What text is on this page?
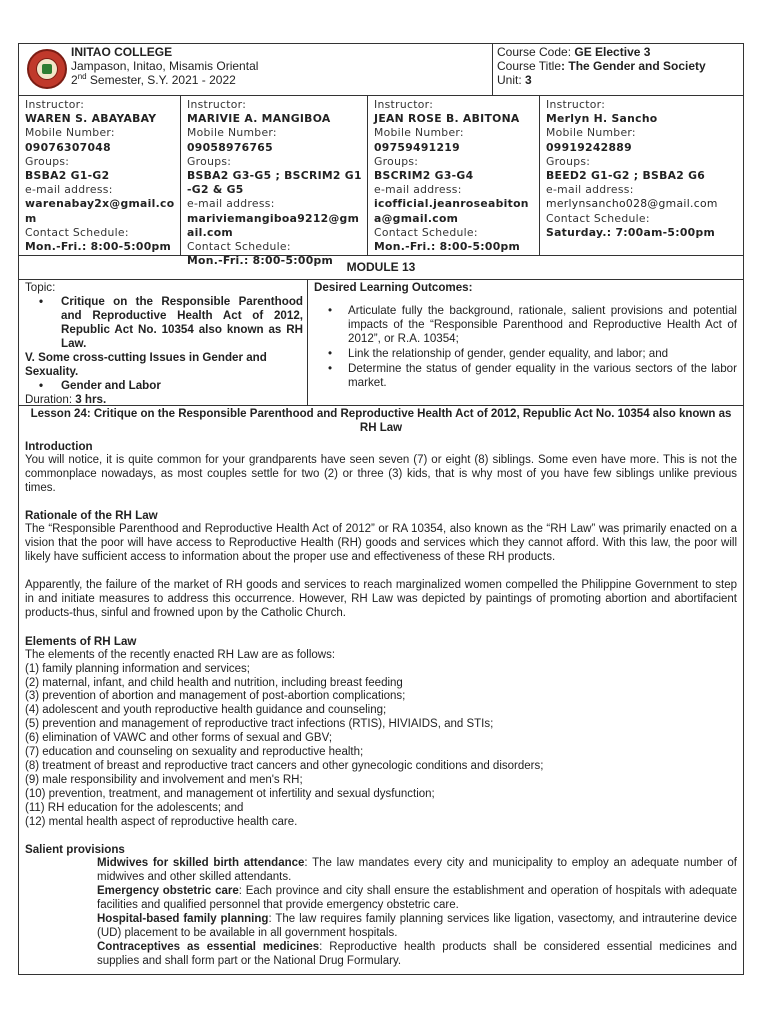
INITAO COLLEGE
Jampason, Initao, Misamis Oriental
2nd Semester, S.Y. 2021 - 2022
Course Code: GE Elective 3
Course Title: The Gender and Society
Unit: 3
Instructor:
WAREN S. ABAYABAY
Mobile Number:
09076307048
Groups:
BSBA2 G1-G2
e-mail address:
warenabay2x@gmail.com
Contact Schedule:
Mon.-Fri.: 8:00-5:00pm
Instructor:
MARIVIE A. MANGIBOA
Mobile Number:
09058976765
Groups:
BSBA2 G3-G5 ; BSCRIM2 G1-G2 & G5
e-mail address:
mariviemangiboa9212@gmail.com
Contact Schedule:
Mon.-Fri.: 8:00-5:00pm
Instructor:
JEAN ROSE B. ABITONA
Mobile Number:
09759491219
Groups:
BSCRIM2 G3-G4
e-mail address:
icofficial.jeanroseabitona@gmail.com
Contact Schedule:
Mon.-Fri.: 8:00-5:00pm
Instructor:
Merlyn H. Sancho
Mobile Number:
09919242889
Groups:
BEED2 G1-G2 ; BSBA2 G6
e-mail address:
merlynsancho028@gmail.com
Contact Schedule:
Saturday.: 7:00am-5:00pm
MODULE 13
Topic:
• Critique on the Responsible Parenthood and Reproductive Health Act of 2012, Republic Act No. 10354 also known as RH Law.
V. Some cross-cutting Issues in Gender and Sexuality.
• Gender and Labor
Duration: 3 hrs.
Desired Learning Outcomes:
• Articulate fully the background, rationale, salient provisions and potential impacts of the “Responsible Parenthood and Reproductive Health Act of 2012”, or R.A. 10354;
• Link the relationship of gender, gender equality, and labor; and
• Determine the status of gender equality in the various sectors of the labor market.
Lesson 24: Critique on the Responsible Parenthood and Reproductive Health Act of 2012, Republic Act No. 10354 also known as RH Law
Introduction

You will notice, it is quite common for your grandparents have seen seven (7) or eight (8) siblings. Some even have more. This is not the commonplace nowadays, as most couples settle for two (2) or three (3) kids, that is why most of you have few siblings unlike previous times.

Rationale of the RH Law

The “Responsible Parenthood and Reproductive Health Act of 2012” or RA 10354, also known as the “RH Law” was primarily enacted on a vision that the poor will have access to Reproductive Health (RH) goods and services which they cannot afford. With this law, the poor will likely have sufficient access to information about the proper use and effectiveness of these RH products.

Apparently, the failure of the market of RH goods and services to reach marginalized women compelled the Philippine Government to step in and initiate measures to address this occurrence. However, RH Law was depicted by paintings of promoting abortion and abortifacient products-thus, sinful and frowned upon by the Catholic Church.

Elements of RH Law
The elements of the recently enacted RH Law are as follows:
(1) family planning information and services;
(2) maternal, infant, and child health and nutrition, including breast feeding
(3) prevention of abortion and management of post-abortion complications;
(4) adolescent and youth reproductive health guidance and counseling;
(5) prevention and management of reproductive tract infections (RTIS), HIVIAIDS, and STIs;
(6) elimination of VAWC and other forms of sexual and GBV;
(7) education and counseling on sexuality and reproductive health;
(8) treatment of breast and reproductive tract cancers and other gynecologic conditions and disorders;
(9) male responsibility and involvement and men's RH;
(10) prevention, treatment, and management ot infertility and sexual dysfunction;
(11) RH education for the adolescents; and
(12) mental health aspect of reproductive health care.
Salient provisions
Midwives for skilled birth attendance: The law mandates every city and municipality to employ an adequate number of midwives and other skilled attendants.
Emergency obstetric care: Each province and city shall ensure the establishment and operation of hospitals with adequate facilities and qualified personnel that provide emergency obstetric care.
Hospital-based family planning: The law requires family planning services like ligation, vasectomy, and intrauterine device (UD) placement to be available in all government hospitals.
Contraceptives as essential medicines: Reproductive health products shall be considered essential medicines and supplies and shall form part or the National Drug Formulary.
